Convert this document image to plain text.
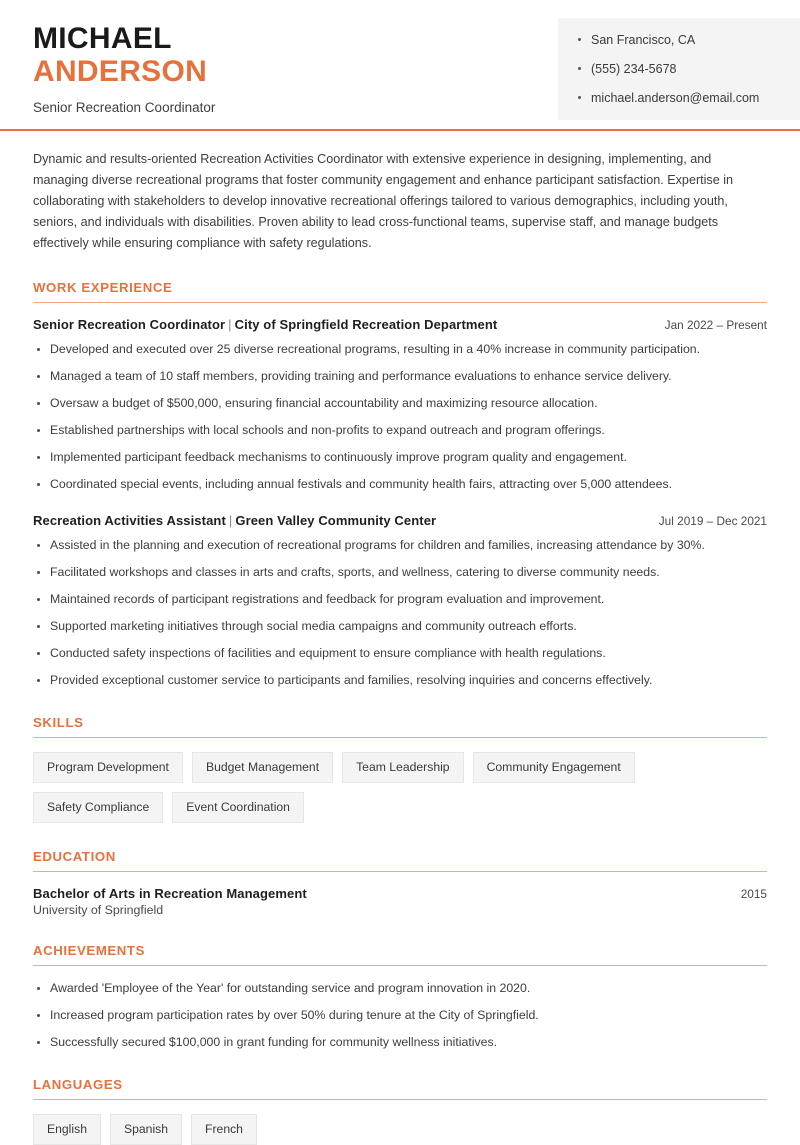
MICHAEL
ANDERSON
Senior Recreation Coordinator
San Francisco, CA
(555) 234-5678
michael.anderson@email.com

Dynamic and results-oriented Recreation Activities Coordinator with extensive experience in designing, implementing, and managing diverse recreational programs that foster community engagement and enhance participant satisfaction. Expertise in collaborating with stakeholders to develop innovative recreational offerings tailored to various demographics, including youth, seniors, and individuals with disabilities. Proven ability to lead cross-functional teams, supervise staff, and manage budgets effectively while ensuring compliance with safety regulations.

WORK EXPERIENCE
Senior Recreation Coordinator | City of Springfield Recreation Department	Jan 2022 – Present
Developed and executed over 25 diverse recreational programs, resulting in a 40% increase in community participation.
Managed a team of 10 staff members, providing training and performance evaluations to enhance service delivery.
Oversaw a budget of $500,000, ensuring financial accountability and maximizing resource allocation.
Established partnerships with local schools and non-profits to expand outreach and program offerings.
Implemented participant feedback mechanisms to continuously improve program quality and engagement.
Coordinated special events, including annual festivals and community health fairs, attracting over 5,000 attendees.
Recreation Activities Assistant | Green Valley Community Center	Jul 2019 – Dec 2021
Assisted in the planning and execution of recreational programs for children and families, increasing attendance by 30%.
Facilitated workshops and classes in arts and crafts, sports, and wellness, catering to diverse community needs.
Maintained records of participant registrations and feedback for program evaluation and improvement.
Supported marketing initiatives through social media campaigns and community outreach efforts.
Conducted safety inspections of facilities and equipment to ensure compliance with health regulations.
Provided exceptional customer service to participants and families, resolving inquiries and concerns effectively.
SKILLS
Program Development	Budget Management	Team Leadership	Community Engagement
Safety Compliance	Event Coordination
EDUCATION
Bachelor of Arts in Recreation Management	2015
University of Springfield
ACHIEVEMENTS
Awarded 'Employee of the Year' for outstanding service and program innovation in 2020.
Increased program participation rates by over 50% during tenure at the City of Springfield.
Successfully secured $100,000 in grant funding for community wellness initiatives.
LANGUAGES
English	Spanish	French
